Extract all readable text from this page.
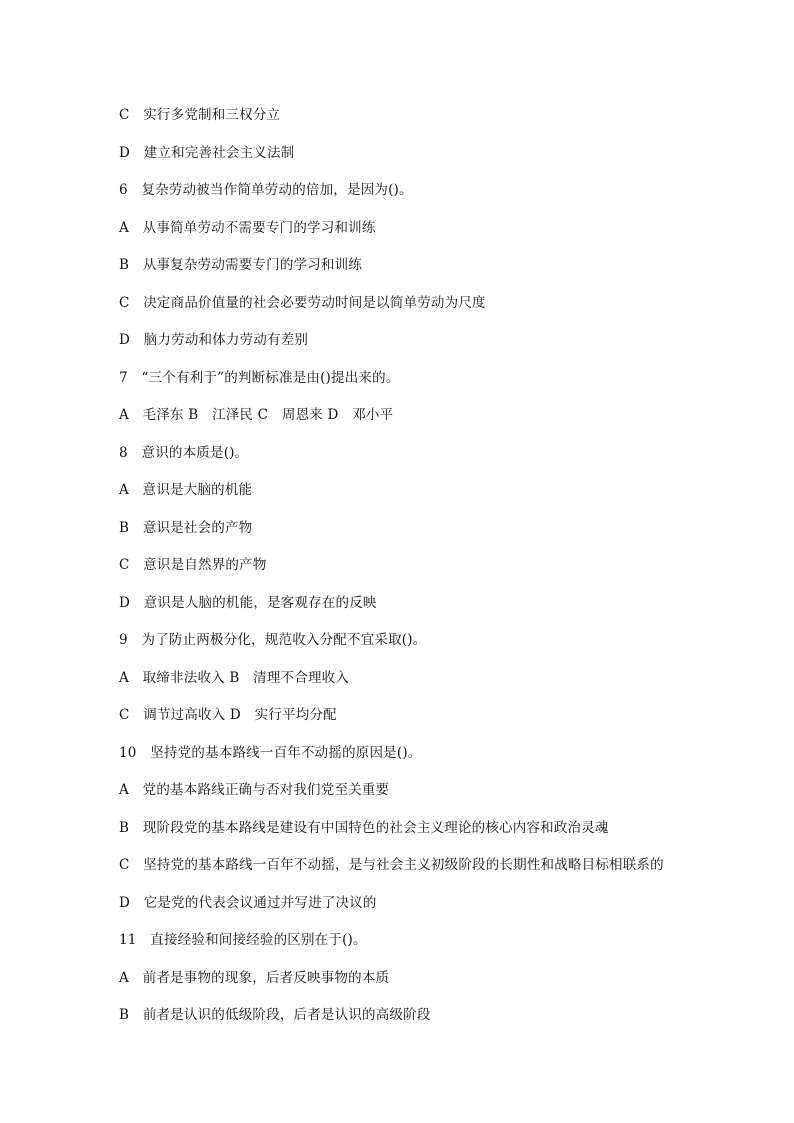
C　实行多党制和三权分立
D　建立和完善社会主义法制
6　复杂劳动被当作简单劳动的倍加，是因为()。
A　从事简单劳动不需要专门的学习和训练
B　从事复杂劳动需要专门的学习和训练
C　决定商品价值量的社会必要劳动时间是以简单劳动为尺度
D　脑力劳动和体力劳动有差别
7　“三个有利于”的判断标准是由()提出来的。
A　毛泽东 B　江泽民 C　周恩来 D　邓小平
8　意识的本质是()。
A　意识是大脑的机能
B　意识是社会的产物
C　意识是自然界的产物
D　意识是人脑的机能，是客观存在的反映
9　为了防止两极分化，规范收入分配不宜采取()。
A　取缔非法收入 B　清理不合理收入
C　调节过高收入 D　实行平均分配
10　坚持党的基本路线一百年不动摇的原因是()。
A　党的基本路线正确与否对我们党至关重要
B　现阶段党的基本路线是建设有中国特色的社会主义理论的核心内容和政治灵魂
C　坚持党的基本路线一百年不动摇，是与社会主义初级阶段的长期性和战略目标相联系的
D　它是党的代表会议通过并写进了决议的
11　直接经验和间接经验的区别在于()。
A　前者是事物的现象，后者反映事物的本质
B　前者是认识的低级阶段，后者是认识的高级阶段
